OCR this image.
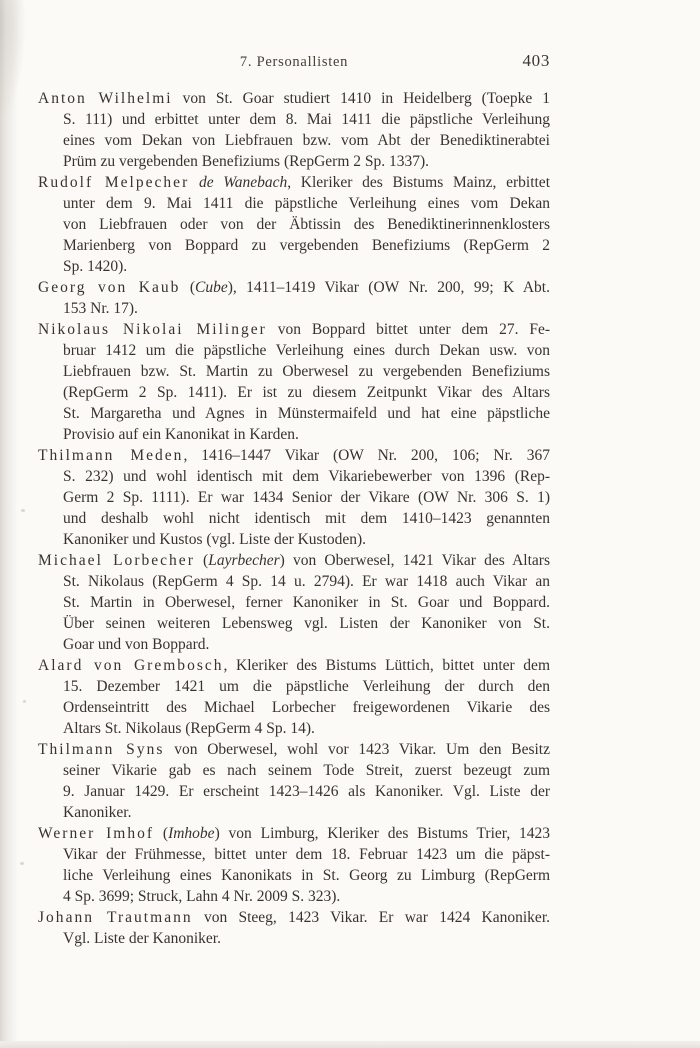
7. Personallisten	403
Anton Wilhelmi von St. Goar studiert 1410 in Heidelberg (Toepke 1
S. 111) und erbittet unter dem 8. Mai 1411 die päpstliche Verleihung
eines vom Dekan von Liebfrauen bzw. vom Abt der Benediktinerabtei
Prüm zu vergebenden Benefiziums (RepGerm 2 Sp. 1337).
Rudolf Melpecher de Wanebach, Kleriker des Bistums Mainz, erbittet
unter dem 9. Mai 1411 die päpstliche Verleihung eines vom Dekan
von Liebfrauen oder von der Äbtissin des Benediktinerinnenklosters
Marienberg von Boppard zu vergebenden Benefiziums (RepGerm 2
Sp. 1420).
Georg von Kaub (Cube), 1411–1419 Vikar (OW Nr. 200, 99; K Abt.
153 Nr. 17).
Nikolaus Nikolai Milinger von Boppard bittet unter dem 27. Fe-
bruar 1412 um die päpstliche Verleihung eines durch Dekan usw. von
Liebfrauen bzw. St. Martin zu Oberwesel zu vergebenden Benefiziums
(RepGerm 2 Sp. 1411). Er ist zu diesem Zeitpunkt Vikar des Altars
St. Margaretha und Agnes in Münstermaifeld und hat eine päpstliche
Provisio auf ein Kanonikat in Karden.
Thilmann Meden, 1416–1447 Vikar (OW Nr. 200, 106; Nr. 367
S. 232) und wohl identisch mit dem Vikariebewerber von 1396 (Rep-
Germ 2 Sp. 1111). Er war 1434 Senior der Vikare (OW Nr. 306 S. 1)
und deshalb wohl nicht identisch mit dem 1410–1423 genannten
Kanoniker und Kustos (vgl. Liste der Kustoden).
Michael Lorbecher (Layrbecher) von Oberwesel, 1421 Vikar des Altars
St. Nikolaus (RepGerm 4 Sp. 14 u. 2794). Er war 1418 auch Vikar an
St. Martin in Oberwesel, ferner Kanoniker in St. Goar und Boppard.
Über seinen weiteren Lebensweg vgl. Listen der Kanoniker von St.
Goar und von Boppard.
Alard von Grembosch, Kleriker des Bistums Lüttich, bittet unter dem
15. Dezember 1421 um die päpstliche Verleihung der durch den
Ordenseintritt des Michael Lorbecher freigewordenen Vikarie des
Altars St. Nikolaus (RepGerm 4 Sp. 14).
Thilmann Syns von Oberwesel, wohl vor 1423 Vikar. Um den Besitz
seiner Vikarie gab es nach seinem Tode Streit, zuerst bezeugt zum
9. Januar 1429. Er erscheint 1423–1426 als Kanoniker. Vgl. Liste der
Kanoniker.
Werner Imhof (Imhobe) von Limburg, Kleriker des Bistums Trier, 1423
Vikar der Frühmesse, bittet unter dem 18. Februar 1423 um die päpst-
liche Verleihung eines Kanonikats in St. Georg zu Limburg (RepGerm
4 Sp. 3699; Struck, Lahn 4 Nr. 2009 S. 323).
Johann Trautmann von Steeg, 1423 Vikar. Er war 1424 Kanoniker.
Vgl. Liste der Kanoniker.
